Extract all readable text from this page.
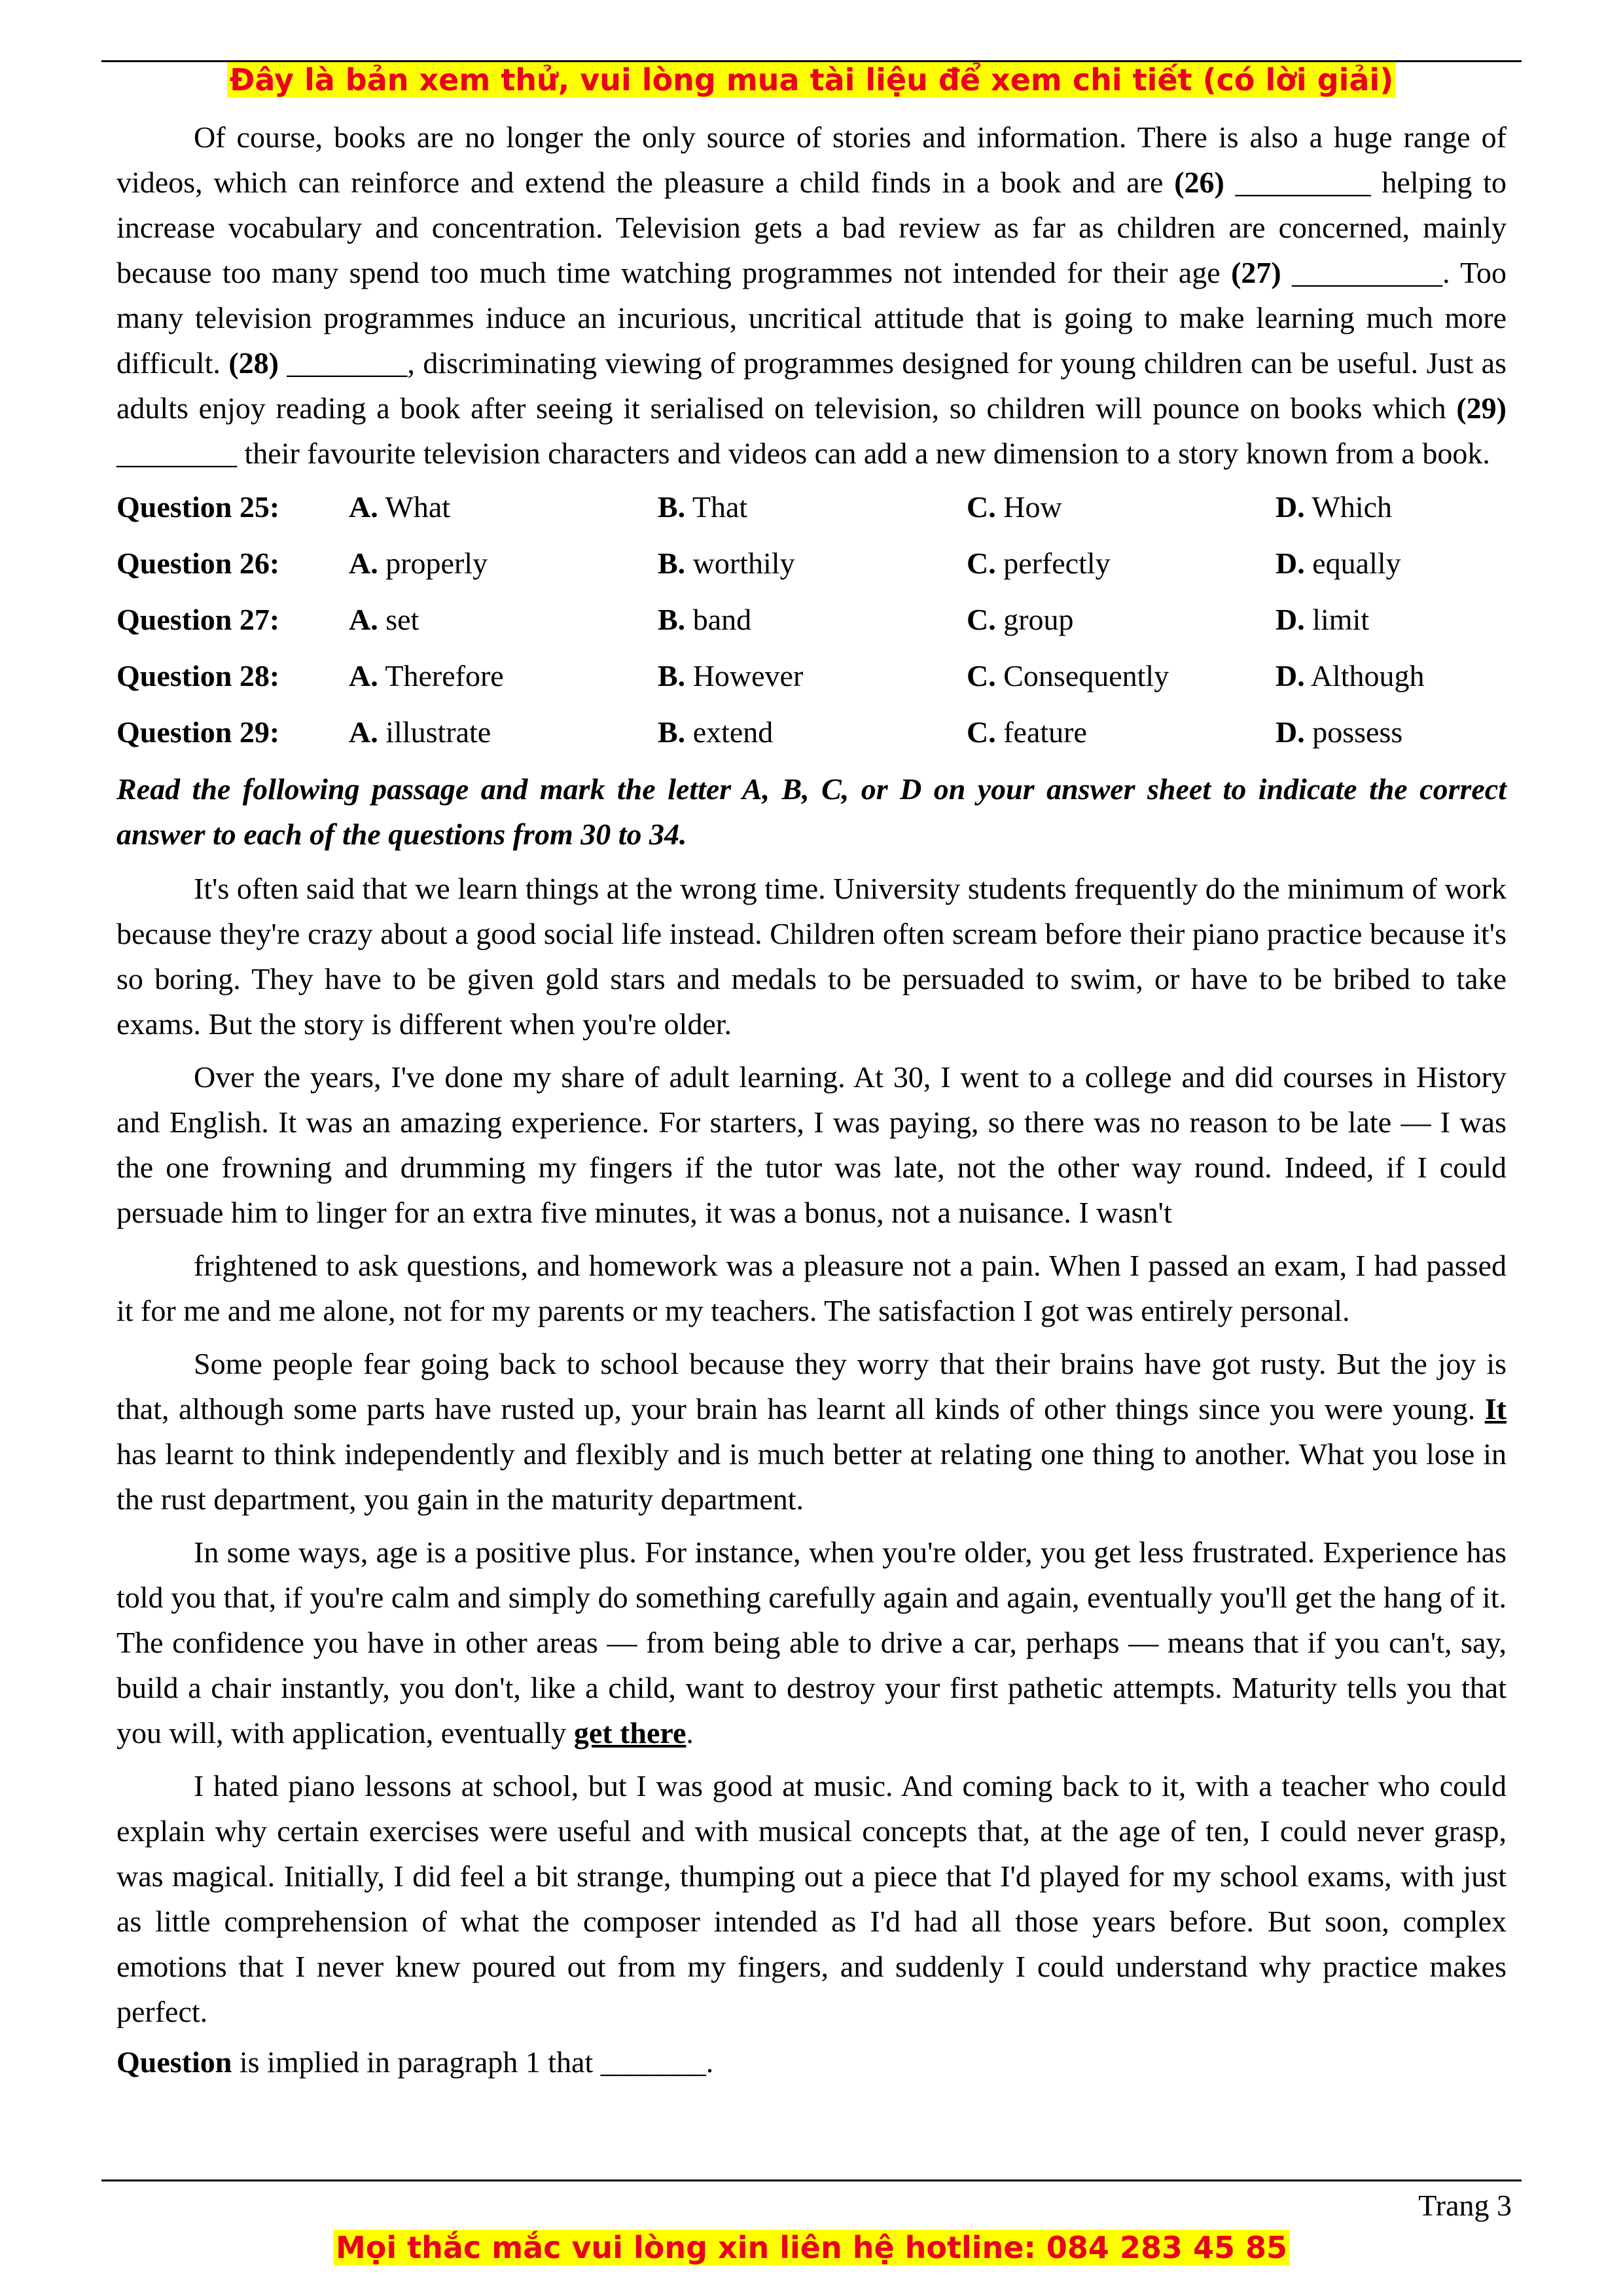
Đây là bản xem thử, vui lòng mua tài liệu để xem chi tiết (có lời giải)

Of course, books are no longer the only source of stories and information. There is also a huge range of videos, which can reinforce and extend the pleasure a child finds in a book and are (26) _________ helping to increase vocabulary and concentration. Television gets a bad review as far as children are concerned, mainly because too many spend too much time watching programmes not intended for their age (27) __________. Too many television programmes induce an incurious, uncritical attitude that is going to make learning much more difficult. (28) ________, discriminating viewing of programmes designed for young children can be useful. Just as adults enjoy reading a book after seeing it serialised on television, so children will pounce on books which (29) ________ their favourite television characters and videos can add a new dimension to a story known from a book.

Question 25:	A. What	B. That	C. How	D. Which
Question 26:	A. properly	B. worthily	C. perfectly	D. equally
Question 27:	A. set	B. band	C. group	D. limit
Question 28:	A. Therefore	B. However	C. Consequently	D. Although
Question 29:	A. illustrate	B. extend	C. feature	D. possess

Read the following passage and mark the letter A, B, C, or D on your answer sheet to indicate the correct answer to each of the questions from 30 to 34.

It's often said that we learn things at the wrong time. University students frequently do the minimum of work because they're crazy about a good social life instead. Children often scream before their piano practice because it's so boring. They have to be given gold stars and medals to be persuaded to swim, or have to be bribed to take exams. But the story is different when you're older.

Over the years, I've done my share of adult learning. At 30, I went to a college and did courses in History and English. It was an amazing experience. For starters, I was paying, so there was no reason to be late — I was the one frowning and drumming my fingers if the tutor was late, not the other way round. Indeed, if I could persuade him to linger for an extra five minutes, it was a bonus, not a nuisance. I wasn't

frightened to ask questions, and homework was a pleasure not a pain. When I passed an exam, I had passed it for me and me alone, not for my parents or my teachers. The satisfaction I got was entirely personal.

Some people fear going back to school because they worry that their brains have got rusty. But the joy is that, although some parts have rusted up, your brain has learnt all kinds of other things since you were young. It has learnt to think independently and flexibly and is much better at relating one thing to another. What you lose in the rust department, you gain in the maturity department.

In some ways, age is a positive plus. For instance, when you're older, you get less frustrated. Experience has told you that, if you're calm and simply do something carefully again and again, eventually you'll get the hang of it. The confidence you have in other areas — from being able to drive a car, perhaps — means that if you can't, say, build a chair instantly, you don't, like a child, want to destroy your first pathetic attempts. Maturity tells you that you will, with application, eventually get there.

I hated piano lessons at school, but I was good at music. And coming back to it, with a teacher who could explain why certain exercises were useful and with musical concepts that, at the age of ten, I could never grasp, was magical. Initially, I did feel a bit strange, thumping out a piece that I'd played for my school exams, with just as little comprehension of what the composer intended as I'd had all those years before. But soon, complex emotions that I never knew poured out from my fingers, and suddenly I could understand why practice makes perfect.

Question is implied in paragraph 1 that _______.

Trang 3
Mọi thắc mắc vui lòng xin liên hệ hotline: 084 283 45 85
